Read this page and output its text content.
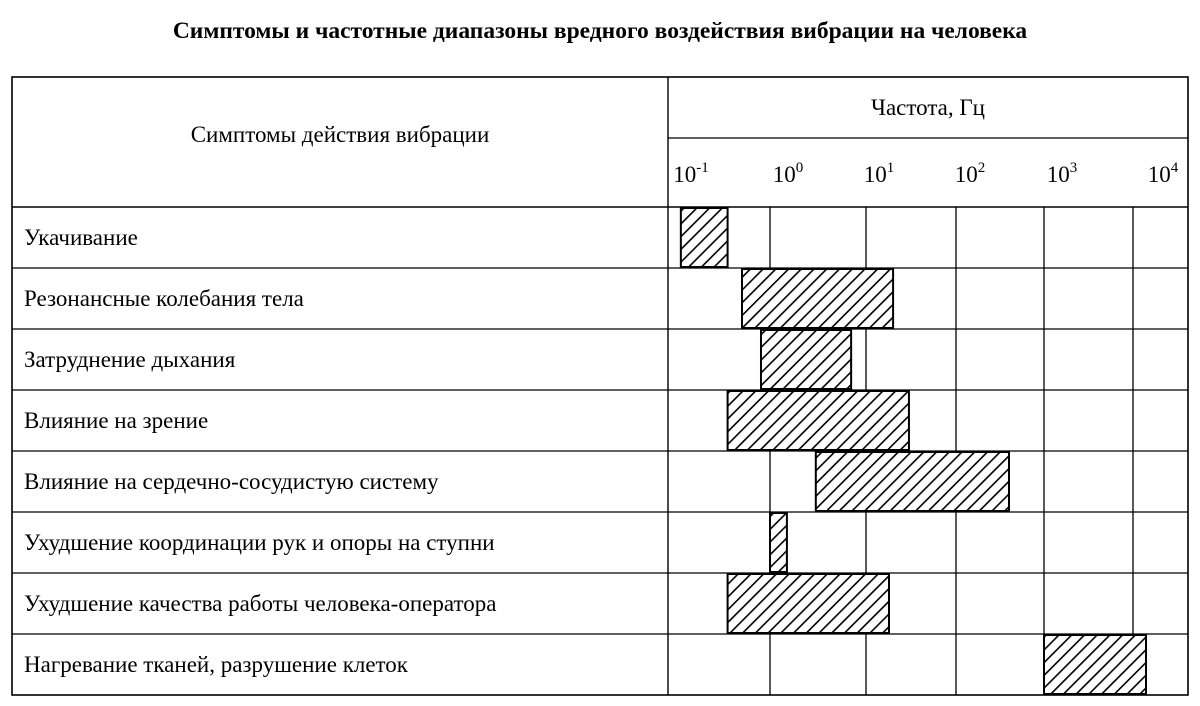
Симптомы и частотные диапазоны вредного воздействия вибрации на человека
Симптомы действия вибрации
Частота, Гц
$10^{-1}$	$10^0$	$10^1$	$10^2$	$10^3$	$10^4$
Укачивание
Резонансные колебания тела
Затруднение дыхания
Влияние на зрение
Влияние на сердечно-сосудистую систему
Ухудшение координации рук и опоры на ступни
Ухудшение качества работы человека-оператора
Нагревание тканей, разрушение клеток
